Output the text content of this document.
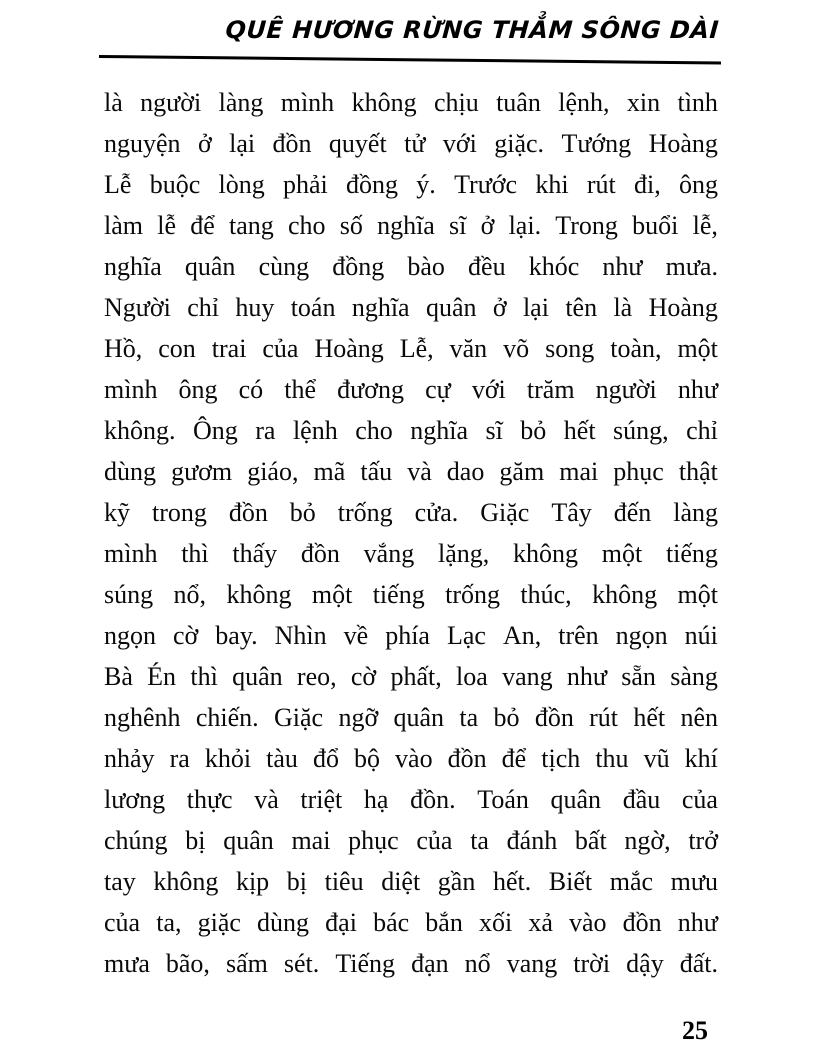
QUÊ HƯƠNG RỪNG THẲM SÔNG DÀI
là người làng mình không chịu tuân lệnh, xin tình
nguyện ở lại đồn quyết tử với giặc. Tướng Hoàng
Lễ buộc lòng phải đồng ý. Trước khi rút đi, ông
làm lễ để tang cho số nghĩa sĩ ở lại. Trong buổi lễ,
nghĩa quân cùng đồng bào đều khóc như mưa.
Người chỉ huy toán nghĩa quân ở lại tên là Hoàng
Hồ, con trai của Hoàng Lễ, văn võ song toàn, một
mình ông có thể đương cự với trăm người như
không. Ông ra lệnh cho nghĩa sĩ bỏ hết súng, chỉ
dùng gươm giáo, mã tấu và dao găm mai phục thật
kỹ trong đồn bỏ trống cửa. Giặc Tây đến làng
mình thì thấy đồn vắng lặng, không một tiếng
súng nổ, không một tiếng trống thúc, không một
ngọn cờ bay. Nhìn về phía Lạc An, trên ngọn núi
Bà Én thì quân reo, cờ phất, loa vang như sẵn sàng
nghênh chiến. Giặc ngỡ quân ta bỏ đồn rút hết nên
nhảy ra khỏi tàu đổ bộ vào đồn để tịch thu vũ khí
lương thực và triệt hạ đồn. Toán quân đầu của
chúng bị quân mai phục của ta đánh bất ngờ, trở
tay không kịp bị tiêu diệt gần hết. Biết mắc mưu
của ta, giặc dùng đại bác bắn xối xả vào đồn như
mưa bão, sấm sét. Tiếng đạn nổ vang trời dậy đất.
25
